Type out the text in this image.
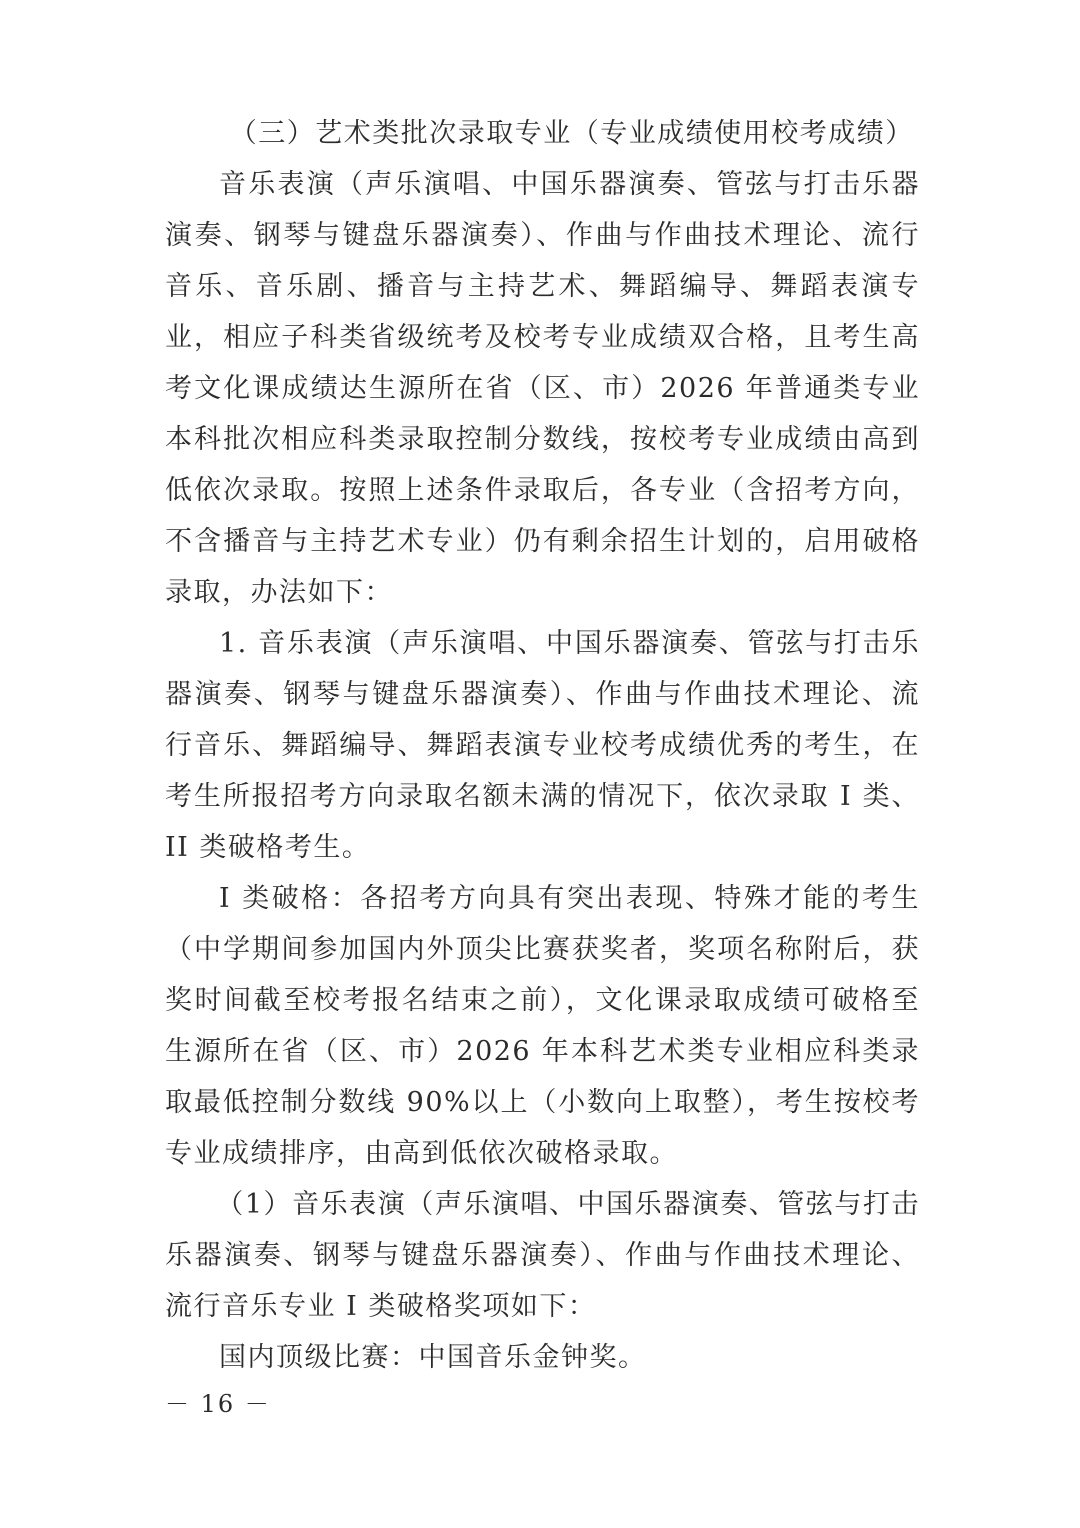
（三）艺术类批次录取专业（专业成绩使用校考成绩）

音乐表演（声乐演唱、中国乐器演奏、管弦与打击乐器演奏、钢琴与键盘乐器演奏）、作曲与作曲技术理论、流行音乐、音乐剧、播音与主持艺术、舞蹈编导、舞蹈表演专业，相应子科类省级统考及校考专业成绩双合格，且考生高考文化课成绩达生源所在省（区、市）2026 年普通类专业本科批次相应科类录取控制分数线，按校考专业成绩由高到低依次录取。按照上述条件录取后，各专业（含招考方向，不含播音与主持艺术专业）仍有剩余招生计划的，启用破格录取，办法如下：

1. 音乐表演（声乐演唱、中国乐器演奏、管弦与打击乐器演奏、钢琴与键盘乐器演奏）、作曲与作曲技术理论、流行音乐、舞蹈编导、舞蹈表演专业校考成绩优秀的考生，在考生所报招考方向录取名额未满的情况下，依次录取 I 类、II 类破格考生。

I 类破格：各招考方向具有突出表现、特殊才能的考生（中学期间参加国内外顶尖比赛获奖者，奖项名称附后，获奖时间截至校考报名结束之前），文化课录取成绩可破格至生源所在省（区、市）2026 年本科艺术类专业相应科类录取最低控制分数线 90%以上（小数向上取整），考生按校考专业成绩排序，由高到低依次破格录取。

（1）音乐表演（声乐演唱、中国乐器演奏、管弦与打击乐器演奏、钢琴与键盘乐器演奏）、作曲与作曲技术理论、流行音乐专业 I 类破格奖项如下：

国内顶级比赛：中国音乐金钟奖。

－ 16 －
